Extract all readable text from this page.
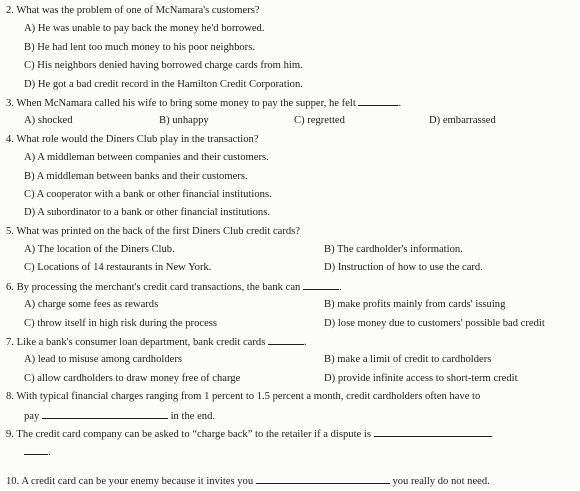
2. What was the problem of one of McNamara's customers?
A) He was unable to pay back the money he'd borrowed.
B) He had lent too much money to his poor neighbors.
C) His neighbors denied having borrowed charge cards from him.
D) He got a bad credit record in the Hamilton Credit Corporation.
3. When McNamara called his wife to bring some money to pay the supper, he felt	.
A) shocked	B) unhappy	C) regretted	D) embarrassed
4. What role would the Diners Club play in the transaction?
A) A middleman between companies and their customers.
B) A middleman between banks and their customers.
C) A cooperator with a bank or other financial institutions.
D) A subordinator to a bank or other financial institutions.
5. What was printed on the back of the first Diners Club credit cards?
A) The location of the Diners Club.	B) The cardholder's information.
C) Locations of 14 restaurants in New York.	D) Instruction of how to use the card.
6. By processing the merchant's credit card transactions, the bank can	.
A) charge some fees as rewards	B) make profits mainly from cards' issuing
C) throw itself in high risk during the process	D) lose money due to customers' possible bad credit
7. Like a bank's consumer loan department, bank credit cards	.
A) lead to misuse among cardholders	B) make a limit of credit to cardholders
C) allow cardholders to draw money free of charge	D) provide infinite access to short-term credit
8. With typical financial charges ranging from 1 percent to 1.5 percent a month, credit cardholders often have to
pay	in the end.
9. The credit card company can be asked to “charge back” to the retailer if a dispute is
.
10. A credit card can be your enemy because it invites you	you really do not need.
